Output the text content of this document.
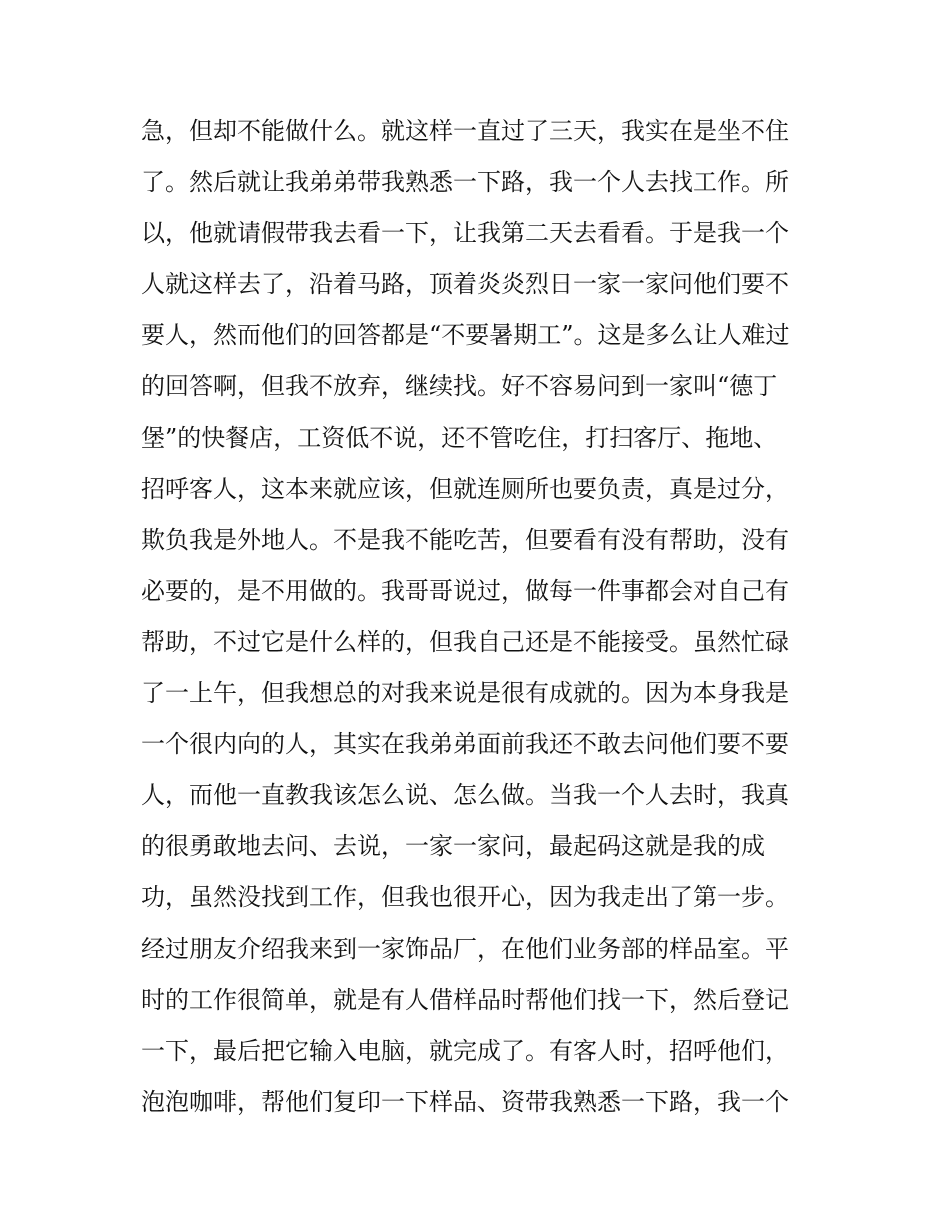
急，但却不能做什么。就这样一直过了三天，我实在是坐不住
了。然后就让我弟弟带我熟悉一下路，我一个人去找工作。所
以，他就请假带我去看一下，让我第二天去看看。于是我一个
人就这样去了，沿着马路，顶着炎炎烈日一家一家问他们要不
要人，然而他们的回答都是“不要暑期工”。这是多么让人难过
的回答啊，但我不放弃，继续找。好不容易问到一家叫“德丁
堡”的快餐店，工资低不说，还不管吃住，打扫客厅、拖地、
招呼客人，这本来就应该，但就连厕所也要负责，真是过分，
欺负我是外地人。不是我不能吃苦，但要看有没有帮助，没有
必要的，是不用做的。我哥哥说过，做每一件事都会对自己有
帮助，不过它是什么样的，但我自己还是不能接受。虽然忙碌
了一上午，但我想总的对我来说是很有成就的。因为本身我是
一个很内向的人，其实在我弟弟面前我还不敢去问他们要不要
人，而他一直教我该怎么说、怎么做。当我一个人去时，我真
的很勇敢地去问、去说，一家一家问，最起码这就是我的成
功，虽然没找到工作，但我也很开心，因为我走出了第一步。
经过朋友介绍我来到一家饰品厂，在他们业务部的样品室。平
时的工作很简单，就是有人借样品时帮他们找一下，然后登记
一下，最后把它输入电脑，就完成了。有客人时，招呼他们，
泡泡咖啡，帮他们复印一下样品、资带我熟悉一下路，我一个
